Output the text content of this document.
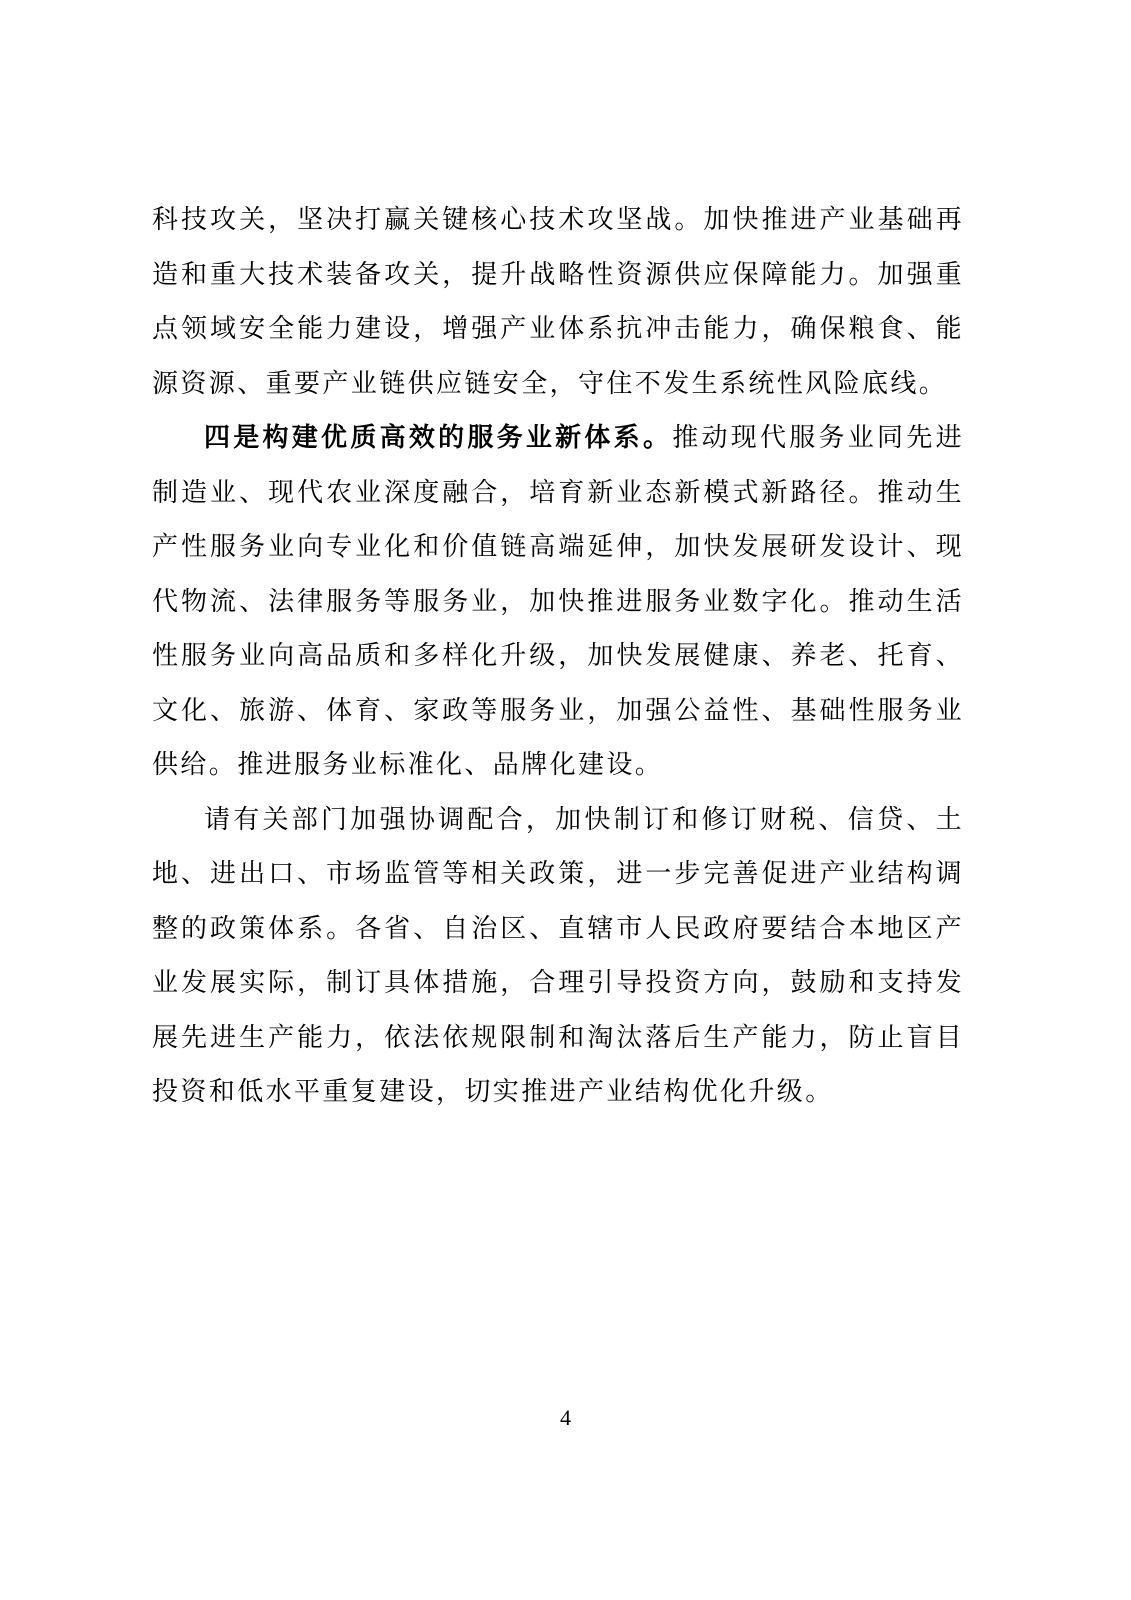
科技攻关，坚决打赢关键核心技术攻坚战。加快推进产业基础再造和重大技术装备攻关，提升战略性资源供应保障能力。加强重点领域安全能力建设，增强产业体系抗冲击能力，确保粮食、能源资源、重要产业链供应链安全，守住不发生系统性风险底线。

四是构建优质高效的服务业新体系。推动现代服务业同先进制造业、现代农业深度融合，培育新业态新模式新路径。推动生产性服务业向专业化和价值链高端延伸，加快发展研发设计、现代物流、法律服务等服务业，加快推进服务业数字化。推动生活性服务业向高品质和多样化升级，加快发展健康、养老、托育、文化、旅游、体育、家政等服务业，加强公益性、基础性服务业供给。推进服务业标准化、品牌化建设。

请有关部门加强协调配合，加快制订和修订财税、信贷、土地、进出口、市场监管等相关政策，进一步完善促进产业结构调整的政策体系。各省、自治区、直辖市人民政府要结合本地区产业发展实际，制订具体措施，合理引导投资方向，鼓励和支持发展先进生产能力，依法依规限制和淘汰落后生产能力，防止盲目投资和低水平重复建设，切实推进产业结构优化升级。

4
